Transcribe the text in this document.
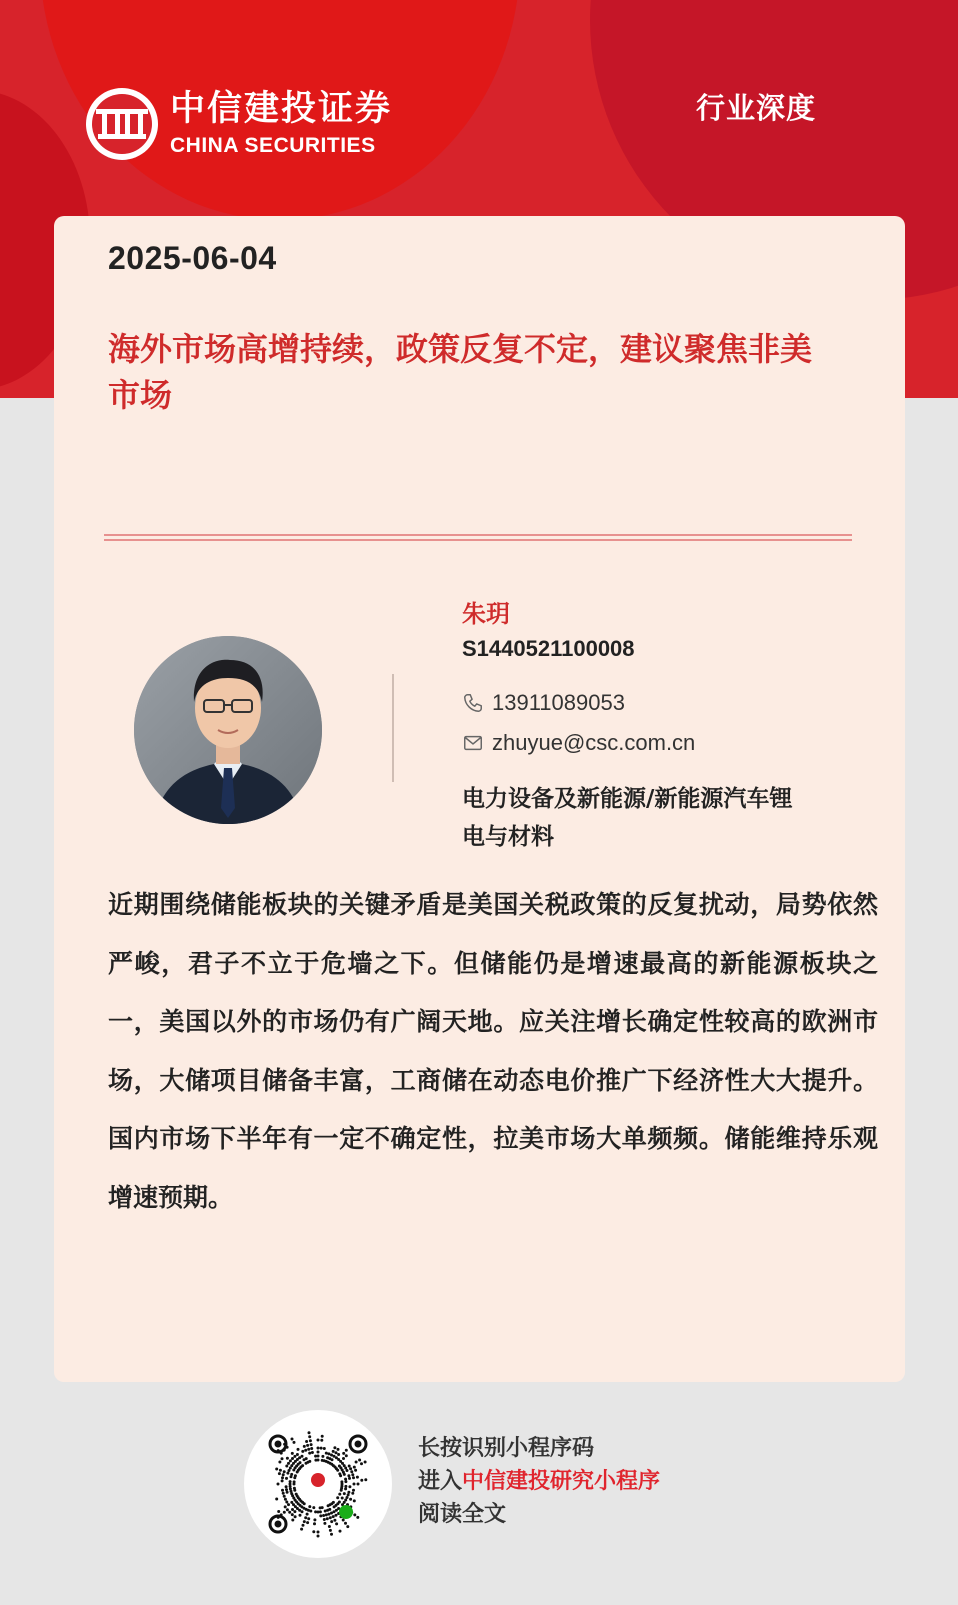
中信建投证券
CHINA SECURITIES
行业深度
2025-06-04
海外市场高增持续，政策反复不定，建议聚焦非美市场
朱玥
S1440521100008
13911089053
zhuyue@csc.com.cn
电力设备及新能源/新能源汽车锂电与材料
近期围绕储能板块的关键矛盾是美国关税政策的反复扰动，局势依然严峻，君子不立于危墙之下。但储能仍是增速最高的新能源板块之一，美国以外的市场仍有广阔天地。应关注增长确定性较高的欧洲市场，大储项目储备丰富，工商储在动态电价推广下经济性大大提升。国内市场下半年有一定不确定性，拉美市场大单频频。储能维持乐观增速预期。
长按识别小程序码
进入中信建投研究小程序
阅读全文
